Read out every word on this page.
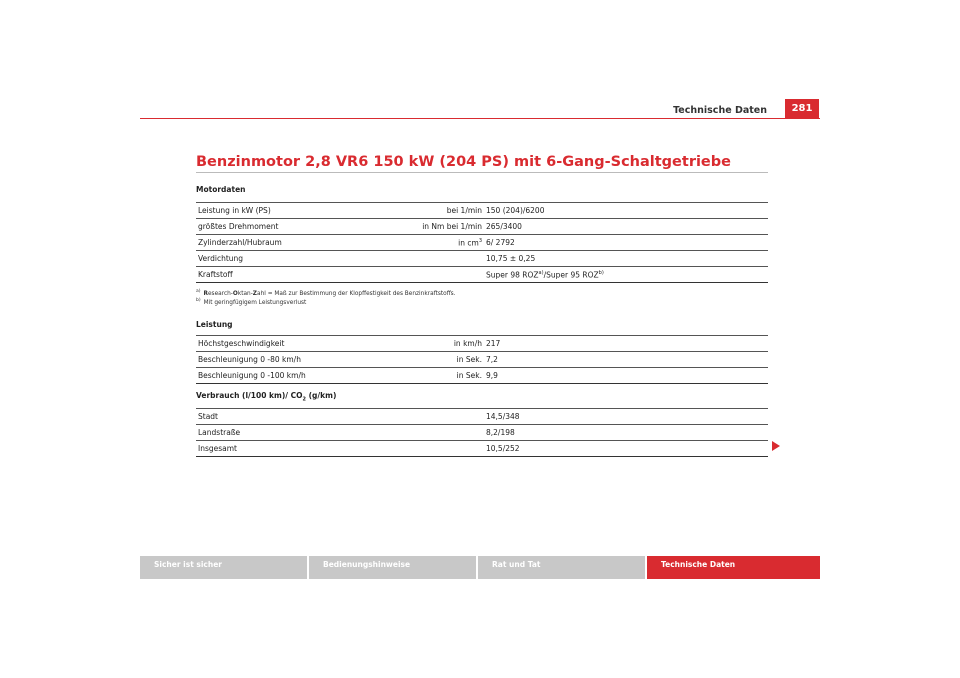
Technische Daten	281
Benzinmotor 2,8 VR6 150 kW (204 PS) mit 6-Gang-Schaltgetriebe
Motordaten
Leistung in kW (PS)	bei 1/min	150 (204)/6200
größtes Drehmoment	in Nm bei 1/min	265/3400
Zylinderzahl/Hubraum	in $cm^3$	6/ 2792
Verdichtung		10,75 ± 0,25
Kraftstoff		Super 98 ROZ$^{a)}$/Super 95 ROZ$^{b)}$
$^{a)}$ Research-Oktan-Zahl = Maß zur Bestimmung der Klopffestigkeit des Benzinkraftstoffs.
$^{b)}$ Mit geringfügigem Leistungsverlust
Leistung
Höchstgeschwindigkeit	in km/h	217
Beschleunigung 0 -80 km/h	in Sek.	7,2
Beschleunigung 0 -100 km/h	in Sek.	9,9
Verbrauch (l/100 km)/ $CO_2$ (g/km)
Stadt		14,5/348
Landstraße		8,2/198
Insgesamt		10,5/252
Sicher ist sicher	Bedienungshinweise	Rat und Tat	Technische Daten
